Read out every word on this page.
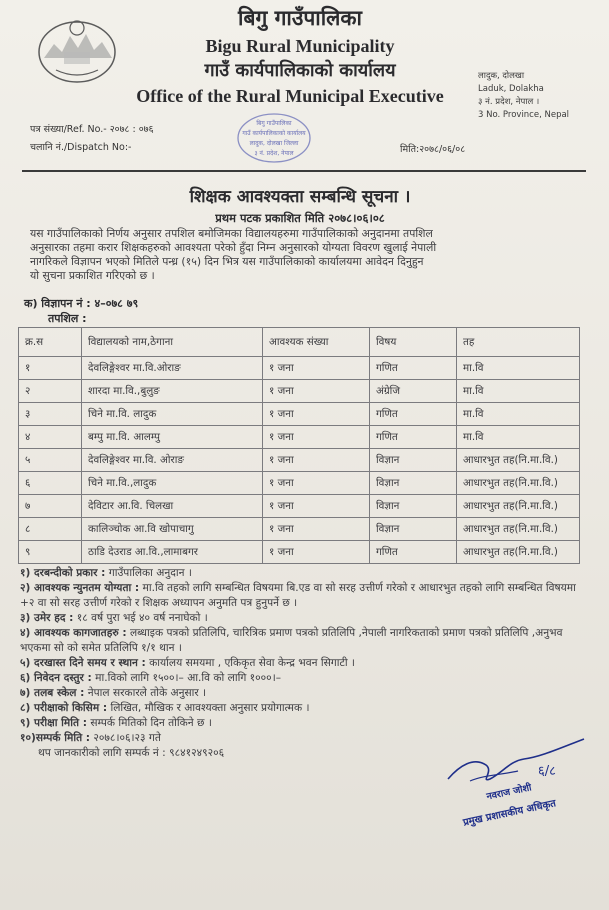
बिगु गाउँपालिका
Bigu Rural Municipality
गाउँ कार्यपालिकाको कार्यालय
Office of the Rural Municipal Executive
लादुक, दोलखा
Laduk, Dolakha
३ नं. प्रदेश, नेपाल ।
3 No. Province, Nepal
बिगु गाउँपालिका
गाउँ कार्यपालिकाको कार्यालय
लादुक, दोलखा जिल्ला
३ नं. प्रदेश, नेपाल
पत्र संख्या/Ref. No.- २०७८ : ०७६
चलानि नं./Dispatch No:-	मिति:२०७८/०६/०८
शिक्षक आवश्यक्ता सम्बन्धि सूचना ।
प्रथम पटक प्रकाशित मिति २०७८।०६।०८
यस गाउँपालिकाको निर्णय अनुसार तपशिल बमोजिमका विद्यालयहरुमा गाउँपालिकाको अनुदानमा तपशिल
अनुसारका तहमा करार शिक्षकहरुको आवश्यता परेको हुँदा निम्न अनुसारको योग्यता विवरण खुलाई नेपाली
नागरिकले विज्ञापन भएको मितिले पन्ध्र (१५) दिन भित्र यस गाउँपालिकाको कार्यालयमा आवेदन दिनुहुन
यो सुचना प्रकाशित गरिएको छ ।
क) विज्ञापन नं : ४–०७८ ७९
तपशिल :
क्र.स	विद्यालयको नाम,ठेगाना	आवश्यक संख्या	विषय	तह
१	देवलिङ्गेश्वर मा.वि.ओराङ	१ जना	गणित	मा.वि
२	शारदा मा.वि.,बुलुङ	१ जना	अंग्रेजि	मा.वि
३	चिने मा.वि. लादुक	१ जना	गणित	मा.वि
४	बम्पु मा.वि. आलम्पु	१ जना	गणित	मा.वि
५	देवलिङ्गेश्वर मा.वि. ओराङ	१ जना	विज्ञान	आधारभुत तह(नि.मा.वि.)
६	चिने मा.वि.,लादुक	१ जना	विज्ञान	आधारभुत तह(नि.मा.वि.)
७	देविटार आ.वि. चिलखा	१ जना	विज्ञान	आधारभुत तह(नि.मा.वि.)
८	कालिञ्चोक आ.वि खोपाचागु	१ जना	विज्ञान	आधारभुत तह(नि.मा.वि.)
९	ठाडि देउराड आ.वि.,लामाबगर	१ जना	गणित	आधारभुत तह(नि.मा.वि.)

१) दरबन्दीको प्रकार : गाउँपालिका अनुदान ।

२) आवश्यक न्युनतम योग्यता : मा.वि तहको लागि सम्बन्धित विषयमा बि.एड वा सो सरह उत्तीर्ण गरेको र आधारभुत तहको लागि सम्बन्धित विषयमा +२ वा सो सरह उत्तीर्ण गरेको र शिक्षक अध्यापन अनुमति पत्र हुनुपर्ने छ ।

३) उमेर हद : १८ वर्ष पुरा भई ४० वर्ष ननाघेको ।

४) आवश्यक कागजातहरु : लब्धाइक पत्रको प्रतिलिपि, चारित्रिक प्रमाण पत्रको प्रतिलिपि ,नेपाली नागरिकताको प्रमाण पत्रको प्रतिलिपि ,अनुभव भएकमा सो को समेत प्रतिलिपि १/१ थान ।

५) दरखास्त दिने समय र स्थान : कार्यालय समयमा , एकिकृत सेवा केन्द्र भवन सिगाटी ।

६) निवेदन दस्तुर : मा.विको लागि १५००।– आ.वि को लागि १०००।–

७) तलब स्केल : नेपाल सरकारले तोके अनुसार ।

८) परीक्षाको किसिम : लिखित, मौखिक र आवश्यक्ता अनुसार प्रयोगात्मक ।

९) परीक्षा मिति : सम्पर्क मितिको दिन तोकिने छ ।

१०)सम्पर्क मिति : २०७८।०६।२३ गते

थप जानकारीको लागि सम्पर्क नं : ९८४१२४९२०६

६/८
नवराज जोशी
प्रमुख प्रशासकीय अधिकृत
